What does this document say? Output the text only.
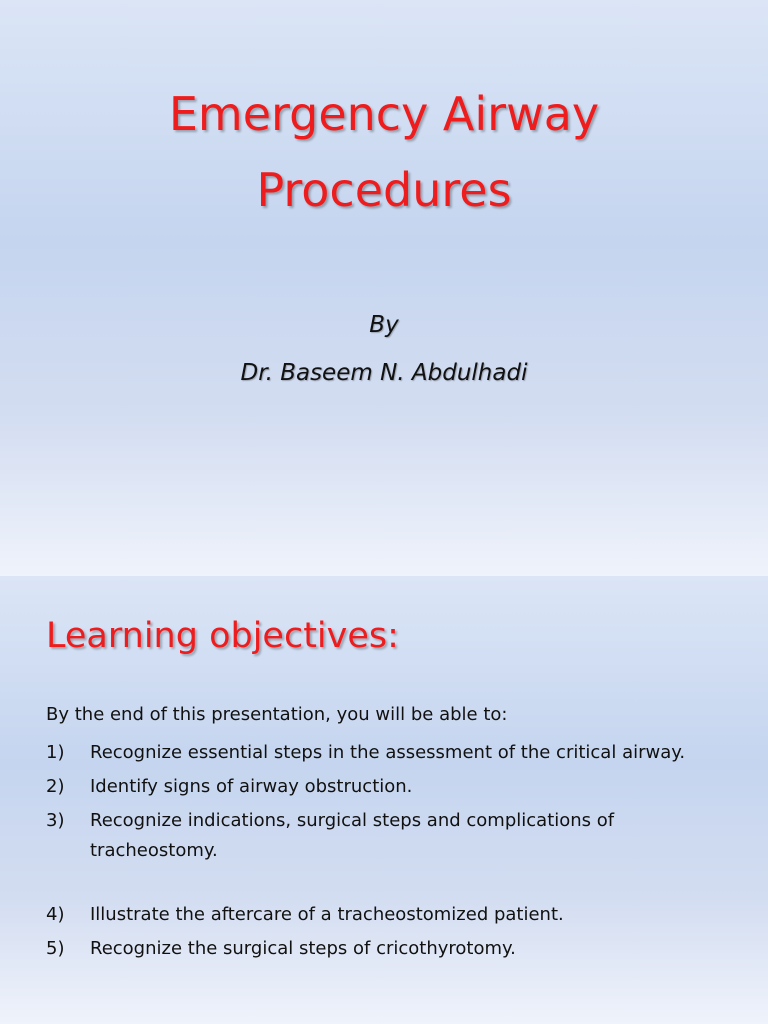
Emergency Airway
Procedures
By
Dr. Baseem N. Abdulhadi
Learning objectives:
By the end of this presentation, you will be able to:
1) Recognize essential steps in the assessment of the critical airway.
2) Identify signs of airway obstruction.
3) Recognize indications, surgical steps and complications of tracheostomy.
4) Illustrate the aftercare of a tracheostomized patient.
5) Recognize the surgical steps of cricothyrotomy.
